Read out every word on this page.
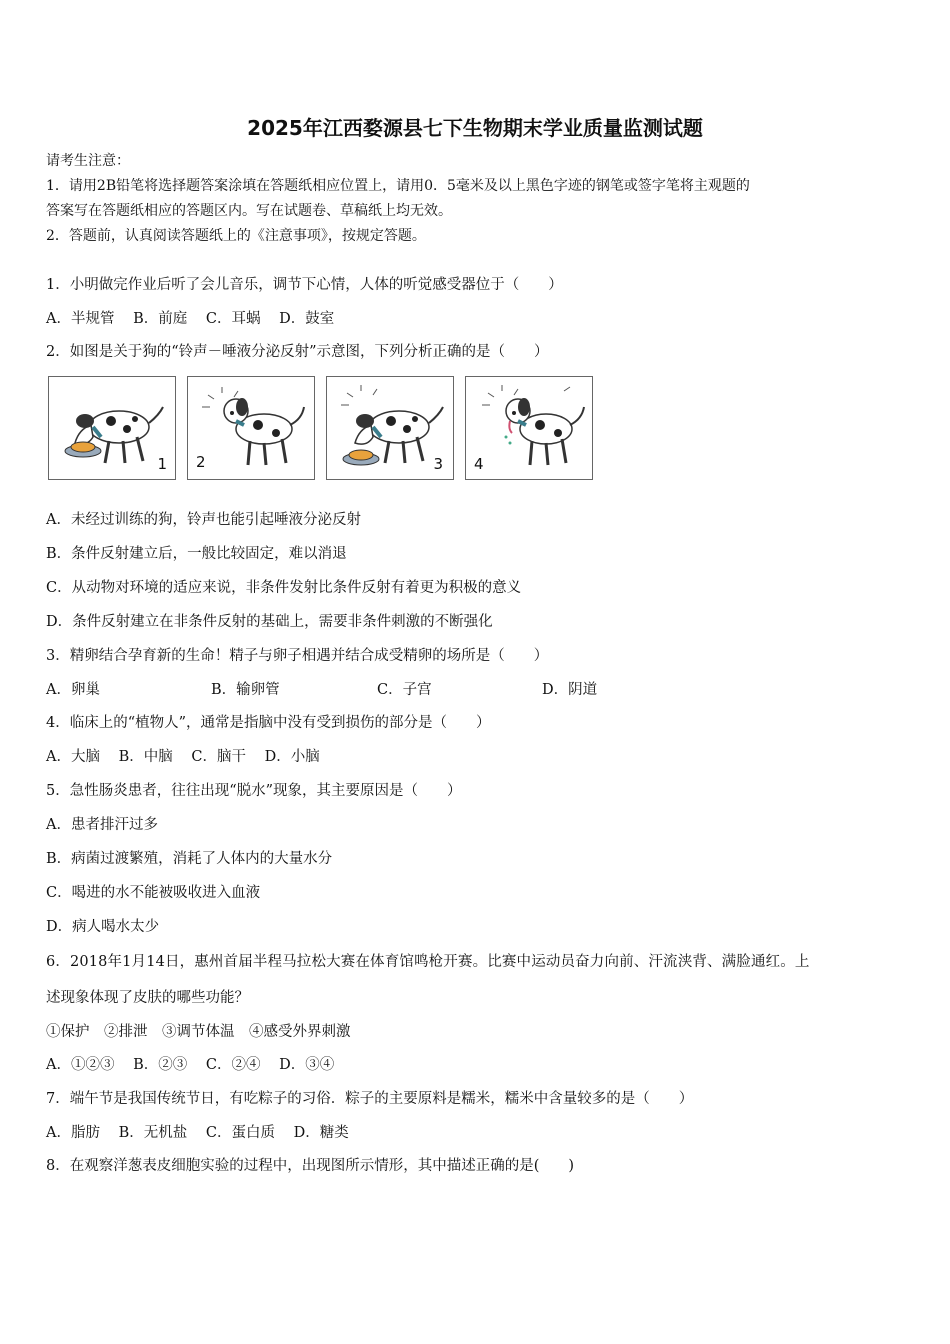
2025年江西婺源县七下生物期末学业质量监测试题
请考生注意：
1．请用2B铅笔将选择题答案涂填在答题纸相应位置上，请用0．5毫米及以上黑色字迹的钢笔或签字笔将主观题的
答案写在答题纸相应的答题区内。写在试题卷、草稿纸上均无效。
2．答题前，认真阅读答题纸上的《注意事项》，按规定答题。
1．小明做完作业后听了会儿音乐，调节下心情，人体的听觉感受器位于（　　）
A．半规管 B．前庭 C．耳蜗 D．鼓室
2．如图是关于狗的“铃声－唾液分泌反射”示意图，下列分析正确的是（　　）
1 2	3 4
A．未经过训练的狗，铃声也能引起唾液分泌反射
B．条件反射建立后，一般比较固定，难以消退
C．从动物对环境的适应来说，非条件发射比条件反射有着更为积极的意义
D．条件反射建立在非条件反射的基础上，需要非条件刺激的不断强化
3．精卵结合孕育新的生命！精子与卵子相遇并结合成受精卵的场所是（　　）
A．卵巢	B．输卵管	C．子宫	D．阴道
4．临床上的“植物人”，通常是指脑中没有受到损伤的部分是（　　）
A．大脑 B．中脑 C．脑干 D．小脑
5．急性肠炎患者，往往出现“脱水”现象，其主要原因是（　　）
A．患者排汗过多
B．病菌过渡繁殖，消耗了人体内的大量水分
C．喝进的水不能被吸收进入血液
D．病人喝水太少
6．2018年1月14日，惠州首届半程马拉松大赛在体育馆鸣枪开赛。比赛中运动员奋力向前、汗流浃背、满脸通红。上
述现象体现了皮肤的哪些功能？
①保护　②排泄　③调节体温　④感受外界刺激
A．①②③ B．②③ C．②④ D．③④
7．端午节是我国传统节日，有吃粽子的习俗．粽子的主要原料是糯米，糯米中含量较多的是（　　）
A．脂肪 B．无机盐 C．蛋白质 D．糖类
8．在观察洋葱表皮细胞实验的过程中，出现图所示情形，其中描述正确的是(　　)
